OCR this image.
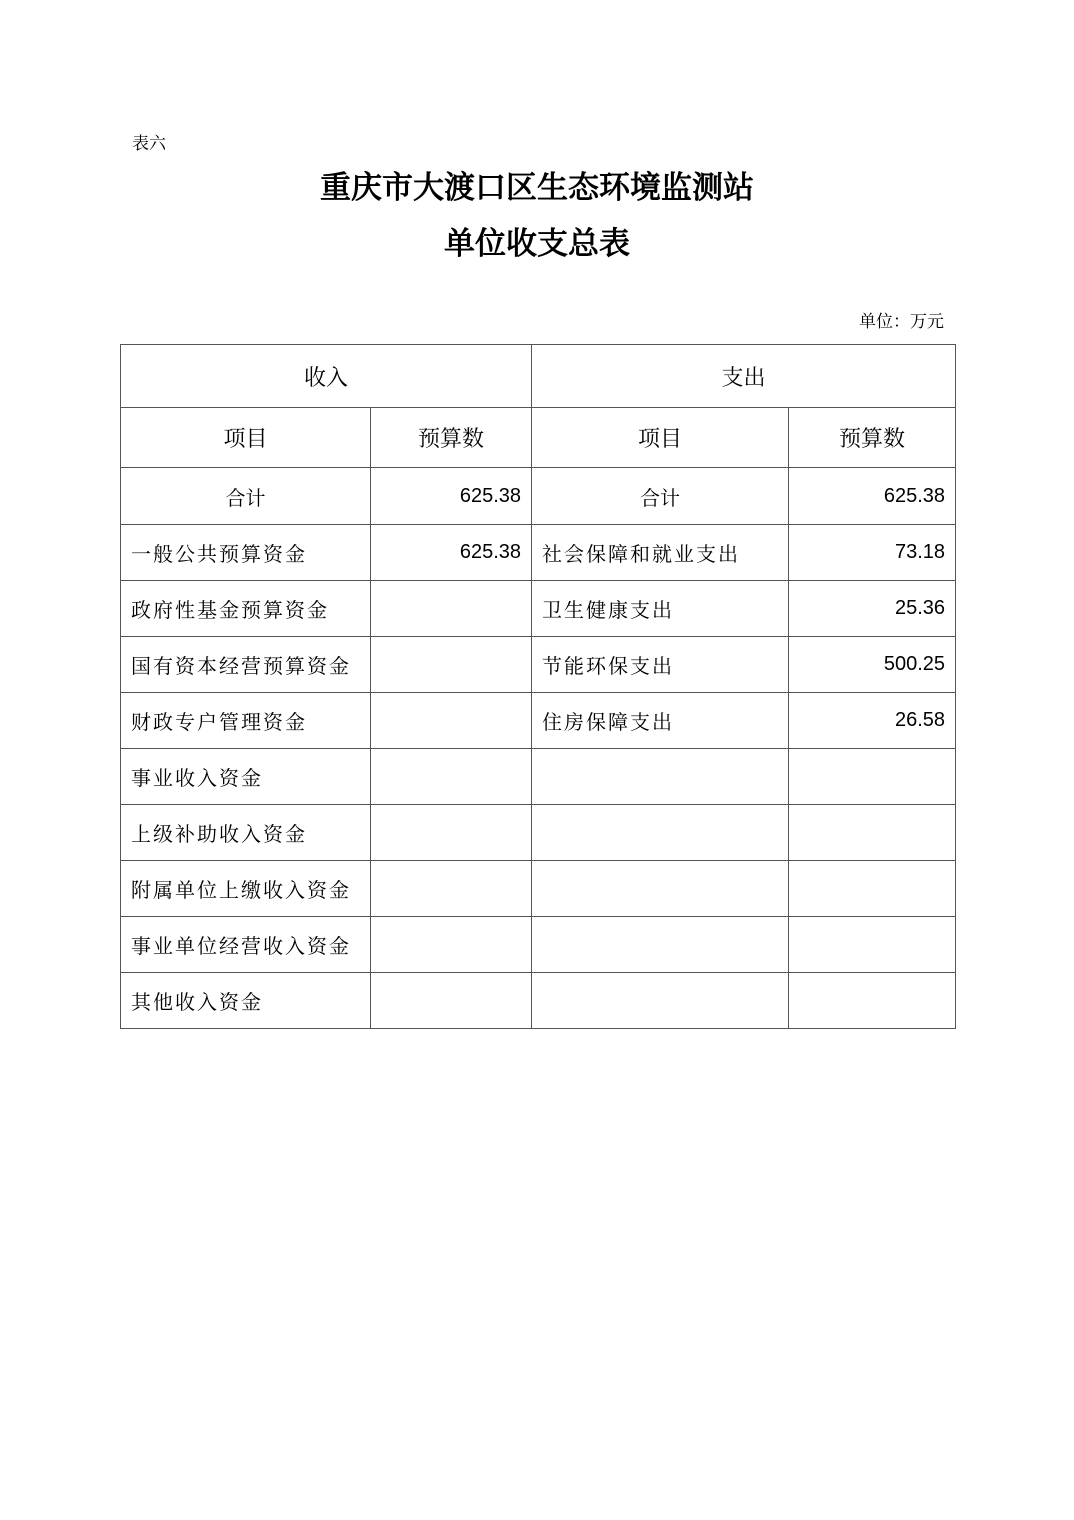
表六
重庆市大渡口区生态环境监测站
单位收支总表
单位：万元
收入		支出	
项目	预算数	项目	预算数
合计	625.38	合计	625.38
一般公共预算资金	625.38	社会保障和就业支出	73.18
政府性基金预算资金		卫生健康支出	25.36
国有资本经营预算资金		节能环保支出	500.25
财政专户管理资金		住房保障支出	26.58
事业收入资金			
上级补助收入资金			
附属单位上缴收入资金			
事业单位经营收入资金			
其他收入资金			
